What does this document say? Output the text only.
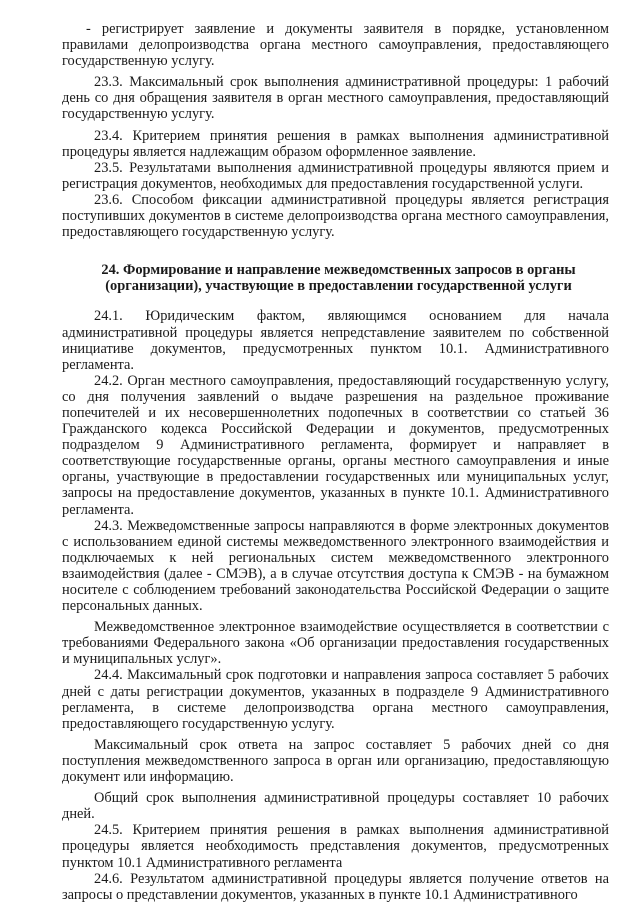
- регистрирует заявление и документы заявителя в порядке, установленном правилами делопроизводства органа местного самоуправления, предоставляющего государственную услугу.

23.3. Максимальный срок выполнения административной процедуры: 1 рабочий день со дня обращения заявителя в орган местного самоуправления, предоставляющий государственную услугу.

23.4. Критерием принятия решения в рамках выполнения административной процедуры является надлежащим образом оформленное заявление.

23.5. Результатами выполнения административной процедуры являются прием и регистрация документов, необходимых для предоставления государственной услуги.

23.6. Способом фиксации административной процедуры является регистрация поступивших документов в системе делопроизводства органа местного самоуправления, предоставляющего государственную услугу.

24. Формирование и направление межведомственных запросов в органы (организации), участвующие в предоставлении государственной услуги

24.1. Юридическим фактом, являющимся основанием для начала административной процедуры является непредставление заявителем по собственной инициативе документов, предусмотренных пунктом 10.1. Административного регламента.

24.2. Орган местного самоуправления, предоставляющий государственную услугу, со дня получения заявлений о выдаче разрешения на раздельное проживание попечителей и их несовершеннолетних подопечных в соответствии со статьей 36 Гражданского кодекса Российской Федерации и документов, предусмотренных подразделом 9 Административного регламента, формирует и направляет в соответствующие государственные органы, органы местного самоуправления и иные органы, участвующие в предоставлении государственных или муниципальных услуг, запросы на предоставление документов, указанных в пункте 10.1. Административного регламента.

24.3. Межведомственные запросы направляются в форме электронных документов с использованием единой системы межведомственного электронного взаимодействия и подключаемых к ней региональных систем межведомственного электронного взаимодействия (далее - СМЭВ), а в случае отсутствия доступа к СМЭВ - на бумажном носителе с соблюдением требований законодательства Российской Федерации о защите персональных данных.

Межведомственное электронное взаимодействие осуществляется в соответствии с требованиями Федерального закона «Об организации предоставления государственных и муниципальных услуг».

24.4. Максимальный срок подготовки и направления запроса составляет 5 рабочих дней с даты регистрации документов, указанных в подразделе 9 Административного регламента, в системе делопроизводства органа местного самоуправления, предоставляющего государственную услугу.

Максимальный срок ответа на запрос составляет 5 рабочих дней со дня поступления межведомственного запроса в орган или организацию, предоставляющую документ или информацию.

Общий срок выполнения административной процедуры составляет 10 рабочих дней.

24.5. Критерием принятия решения в рамках выполнения административной процедуры является необходимость представления документов, предусмотренных пунктом 10.1 Административного регламента

24.6. Результатом административной процедуры является получение ответов на запросы о представлении документов, указанных в пункте 10.1 Административного
